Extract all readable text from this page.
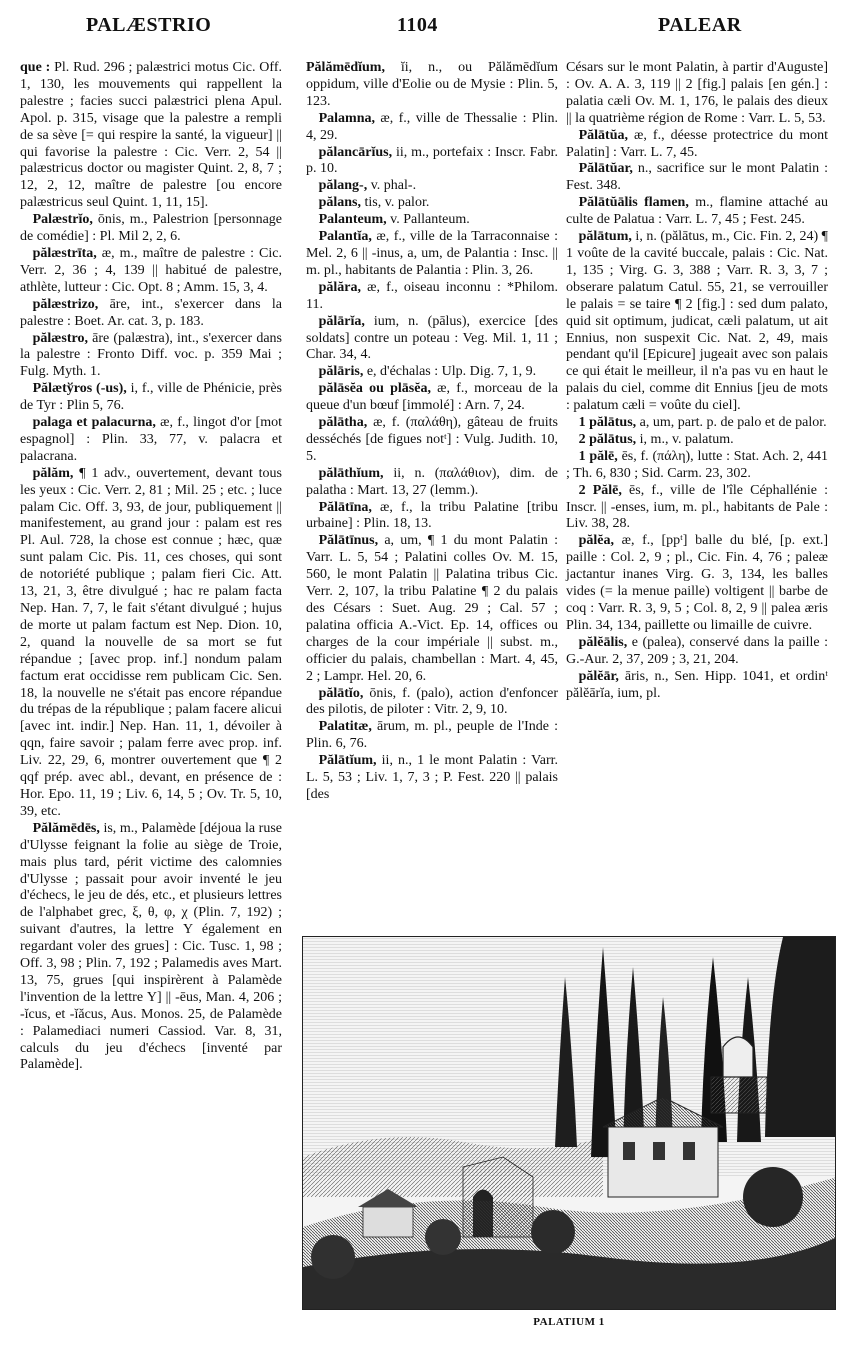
PALÆSTRIO	1104	PALEAR

que : Pl. Rud. 296 ; palæstrici motus Cic. Off. 1, 130, les mouvements qui rappellent la palestre ; facies succi palæstrici plena Apul. Apol. p. 315, visage que la palestre a rempli de sa sève [= qui respire la santé, la vigueur] || qui favorise la palestre : Cic. Verr. 2, 54 || palæstricus doctor ou magister Quint. 2, 8, 7 ; 12, 2, 12, maître de palestre [ou encore palæstricus seul Quint. 1, 11, 15].

Palæstrĭo, ōnis, m., Palestrion [personnage de comédie] : Pl. Mil 2, 2, 6.

pălæstrīta, æ, m., maître de palestre : Cic. Verr. 2, 36 ; 4, 139 || habitué de palestre, athlète, lutteur : Cic. Opt. 8 ; Amm. 15, 3, 4.

pălæstrizo, āre, int., s'exercer dans la palestre : Boet. Ar. cat. 3, p. 183.

pălæstro, āre (palæstra), int., s'exercer dans la palestre : Fronto Diff. voc. p. 359 Mai ; Fulg. Myth. 1.

Pălætўros (-us), i, f., ville de Phénicie, près de Tyr : Plin 5, 76.

palaga et palacurna, æ, f., lingot d'or [mot espagnol] : Plin. 33, 77, v. palacra et palacrana.

pălăm, ¶ 1 adv., ouvertement, devant tous les yeux : Cic. Verr. 2, 81 ; Mil. 25 ; etc. ; luce palam Cic. Off. 3, 93, de jour, publiquement || manifestement, au grand jour : palam est res Pl. Aul. 728, la chose est connue ; hæc, quæ sunt palam Cic. Pis. 11, ces choses, qui sont de notoriété publique ; palam fieri Cic. Att. 13, 21, 3, être divulgué ; hac re palam facta Nep. Han. 7, 7, le fait s'étant divulgué ; hujus de morte ut palam factum est Nep. Dion. 10, 2, quand la nouvelle de sa mort se fut répandue ; [avec prop. inf.] nondum palam factum erat occidisse rem publicam Cic. Sen. 18, la nouvelle ne s'était pas encore répandue du trépas de la république ; palam facere alicui [avec int. indir.] Nep. Han. 11, 1, dévoiler à qqn, faire savoir ; palam ferre avec prop. inf. Liv. 22, 29, 6, montrer ouvertement que ¶ 2 qqf prép. avec abl., devant, en présence de : Hor. Epo. 11, 19 ; Liv. 6, 14, 5 ; Ov. Tr. 5, 10, 39, etc.

Pălămēdēs, is, m., Palamède [déjoua la ruse d'Ulysse feignant la folie au siège de Troie, mais plus tard, périt victime des calomnies d'Ulysse ; passait pour avoir inventé le jeu d'échecs, le jeu de dés, etc., et plusieurs lettres de l'alphabet grec, ξ, θ, φ, χ (Plin. 7, 192) ; suivant d'autres, la lettre Υ également en regardant voler des grues] : Cic. Tusc. 1, 98 ; Off. 3, 98 ; Plin. 7, 192 ; Palamedis aves Mart. 13, 75, grues [qui inspirèrent à Palamède l'invention de la lettre Υ] || -ēus, Man. 4, 206 ; -ĭcus, et -ĭăcus, Aus. Monos. 25, de Palamède : Palamediaci numeri Cassiod. Var. 8, 31, calculs du jeu d'échecs [inventé par Palamède].

Pălămēdĭum, ĭi, n., ou Pălămēdĭum oppidum, ville d'Eolie ou de Mysie : Plin. 5, 123.

Palamna, æ, f., ville de Thessalie : Plin. 4, 29.

pălancārĭus, ii, m., portefaix : Inscr. Fabr. p. 10.

pălang-, v. phal-.

pălans, tis, v. palor.

Palanteum, v. Pallanteum.

Palantĭa, æ, f., ville de la Tarraconnaise : Mel. 2, 6 || -inus, a, um, de Palantia : Insc. || m. pl., habitants de Palantia : Plin. 3, 26.

pălăra, æ, f., oiseau inconnu : *Philom. 11.

pălārĭa, ium, n. (pālus), exercice [des soldats] contre un poteau : Veg. Mil. 1, 11 ; Char. 34, 4.

pălāris, e, d'échalas : Ulp. Dig. 7, 1, 9.

pălāsĕa ou plāsĕa, æ, f., morceau de la queue d'un bœuf [immolé] : Arn. 7, 24.

pălātha, æ, f. (παλάθη), gâteau de fruits desséchés [de figues notᵗ] : Vulg. Judith. 10, 5.

pălāthĭum, ii, n. (παλάθιον), dim. de palatha : Mart. 13, 27 (lemm.).

Pălātīna, æ, f., la tribu Palatine [tribu urbaine] : Plin. 18, 13.

Pălātīnus, a, um, ¶ 1 du mont Palatin : Varr. L. 5, 54 ; Palatini colles Ov. M. 15, 560, le mont Palatin || Palatina tribus Cic. Verr. 2, 107, la tribu Palatine ¶ 2 du palais des Césars : Suet. Aug. 29 ; Cal. 57 ; palatina officia A.-Vict. Ep. 14, offices ou charges de la cour impériale || subst. m., officier du palais, chambellan : Mart. 4, 45, 2 ; Lampr. Hel. 20, 6.

pălātĭo, ōnis, f. (palo), action d'enfoncer des pilotis, de piloter : Vitr. 2, 9, 10.

Palatitæ, ārum, m. pl., peuple de l'Inde : Plin. 6, 76.

Pălātĭum, ii, n., 1 le mont Palatin : Varr. L. 5, 53 ; Liv. 1, 7, 3 ; P. Fest. 220 || palais [des

Césars sur le mont Palatin, à partir d'Auguste] : Ov. A. A. 3, 119 || 2 [fig.] palais [en gén.] : palatia cæli Ov. M. 1, 176, le palais des dieux || la quatrième région de Rome : Varr. L. 5, 53.

Pălātŭa, æ, f., déesse protectrice du mont Palatin] : Varr. L. 7, 45.

Pălātŭar, n., sacrifice sur le mont Palatin : Fest. 348.

Pălātŭālis flamen, m., flamine attaché au culte de Palatua : Varr. L. 7, 45 ; Fest. 245.

pălātum, i, n. (pălātus, m., Cic. Fin. 2, 24) ¶ 1 voûte de la cavité buccale, palais : Cic. Nat. 1, 135 ; Virg. G. 3, 388 ; Varr. R. 3, 3, 7 ; obserare palatum Catul. 55, 21, se verrouiller le palais = se taire ¶ 2 [fig.] : sed dum palato, quid sit optimum, judicat, cæli palatum, ut ait Ennius, non suspexit Cic. Nat. 2, 49, mais pendant qu'il [Epicure] jugeait avec son palais ce qui était le meilleur, il n'a pas vu en haut le palais du ciel, comme dit Ennius [jeu de mots : palatum cæli = voûte du ciel].

1 pălātus, a, um, part. p. de palo et de palor.

2 pălātus, i, m., v. palatum.

1 pălē, ēs, f. (πάλη), lutte : Stat. Ach. 2, 441 ; Th. 6, 830 ; Sid. Carm. 23, 302.

2 Pălē, ēs, f., ville de l'île Céphallénie : Inscr. || -enses, ium, m. pl., habitants de Pale : Liv. 38, 28.

pălĕa, æ, f., [ppᵗ] balle du blé, [p. ext.] paille : Col. 2, 9 ; pl., Cic. Fin. 4, 76 ; paleæ jactantur inanes Virg. G. 3, 134, les balles vides (= la menue paille) voltigent || barbe de coq : Varr. R. 3, 9, 5 ; Col. 8, 2, 9 || palea æris Plin. 34, 134, paillette ou limaille de cuivre.

pălĕālis, e (palea), conservé dans la paille : G.-Aur. 2, 37, 209 ; 3, 21, 204.

pălĕār, āris, n., Sen. Hipp. 1041, et ordinᵗ pălĕārĭa, ium, pl.

PALATIUM 1
